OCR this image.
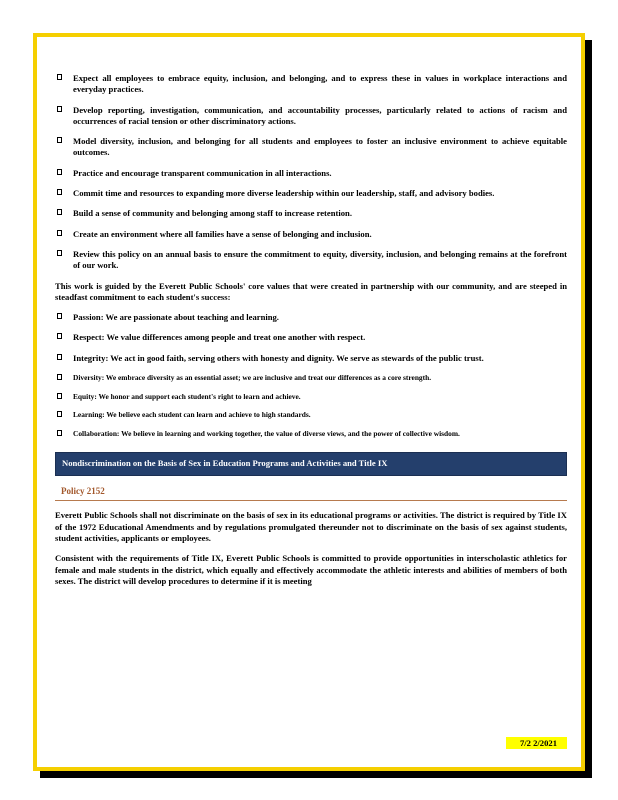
Expect all employees to embrace equity, inclusion, and belonging, and to express these in values in workplace interactions and everyday practices.
Develop reporting, investigation, communication, and accountability processes, particularly related to actions of racism and occurrences of racial tension or other discriminatory actions.
Model diversity, inclusion, and belonging for all students and employees to foster an inclusive environment to achieve equitable outcomes.
Practice and encourage transparent communication in all interactions.
Commit time and resources to expanding more diverse leadership within our leadership, staff, and advisory bodies.
Build a sense of community and belonging among staff to increase retention.
Create an environment where all families have a sense of belonging and inclusion.
Review this policy on an annual basis to ensure the commitment to equity, diversity, inclusion, and belonging remains at the forefront of our work.

This work is guided by the Everett Public Schools' core values that were created in partnership with our community, and are steeped in steadfast commitment to each student's success:

Passion: We are passionate about teaching and learning.
Respect: We value differences among people and treat one another with respect.
Integrity: We act in good faith, serving others with honesty and dignity. We serve as stewards of the public trust.
Diversity: We embrace diversity as an essential asset; we are inclusive and treat our differences as a core strength.
Equity: We honor and support each student's right to learn and achieve.
Learning: We believe each student can learn and achieve to high standards.
Collaboration: We believe in learning and working together, the value of diverse views, and the power of collective wisdom.
Nondiscrimination on the Basis of Sex in Education Programs and Activities and Title IX
Policy 2152

Everett Public Schools shall not discriminate on the basis of sex in its educational programs or activities. The district is required by Title IX of the 1972 Educational Amendments and by regulations promulgated thereunder not to discriminate on the basis of sex against students, student activities, applicants or employees.

Consistent with the requirements of Title IX, Everett Public Schools is committed to provide opportunities in interscholastic athletics for female and male students in the district, which equally and effectively accommodate the athletic interests and abilities of members of both sexes. The district will develop procedures to determine if it is meeting

7/2 2/2021
